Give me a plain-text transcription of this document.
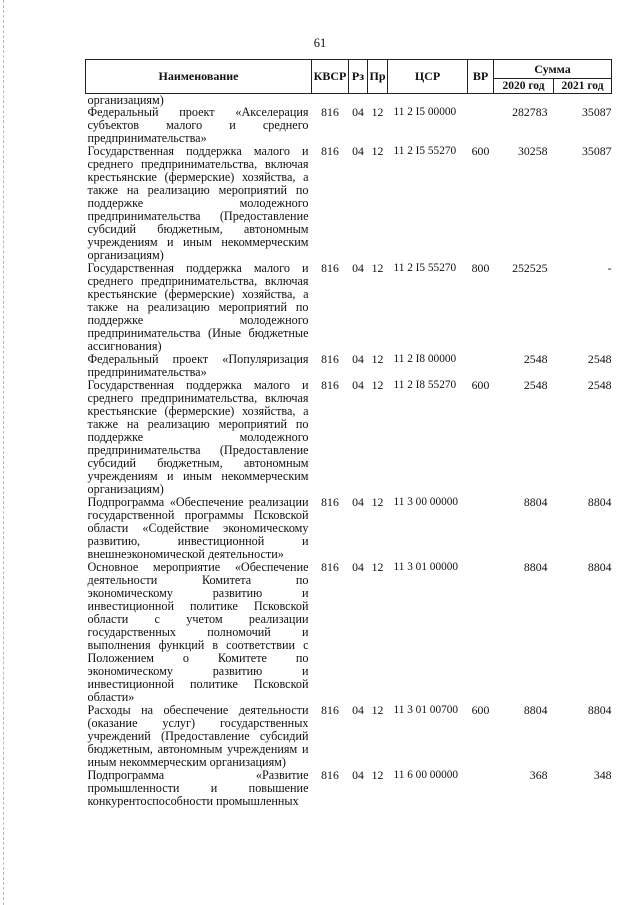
61
Наименование	КВСР	Рз	Пр	ЦСР	ВР	Сумма	
						2020 год	2021 год
организациям)							
Федеральный проект «Акселерация субъектов малого и среднего предпринимательства»	816	04	12	11 2 I5 00000		282783	35087
Государственная поддержка малого и среднего предпринимательства, включая крестьянские (фермерские) хозяйства, а также на реализацию мероприятий по поддержке молодежного предпринимательства (Предоставление субсидий бюджетным, автономным учреждениям и иным некоммерческим организациям)	816	04	12	11 2 I5 55270	600	30258	35087
Государственная поддержка малого и среднего предпринимательства, включая крестьянские (фермерские) хозяйства, а также на реализацию мероприятий по поддержке молодежного предпринимательства (Иные бюджетные ассигнования)	816	04	12	11 2 I5 55270	800	252525	-
Федеральный проект «Популяризация предпринимательства»	816	04	12	11 2 I8 00000		2548	2548
Государственная поддержка малого и среднего предпринимательства, включая крестьянские (фермерские) хозяйства, а также на реализацию мероприятий по поддержке молодежного предпринимательства (Предоставление субсидий бюджетным, автономным учреждениям и иным некоммерческим организациям)	816	04	12	11 2 I8 55270	600	2548	2548
Подпрограмма «Обеспечение реализации государственной программы Псковской области «Содействие экономическому развитию, инвестиционной и внешнеэкономической деятельности»	816	04	12	11 3 00 00000		8804	8804
Основное мероприятие «Обеспечение деятельности Комитета по экономическому развитию и инвестиционной политике Псковской области с учетом реализации государственных полномочий и выполнения функций в соответствии с Положением о Комитете по экономическому развитию и инвестиционной политике Псковской области»	816	04	12	11 3 01 00000		8804	8804
Расходы на обеспечение деятельности (оказание услуг) государственных учреждений (Предоставление субсидий бюджетным, автономным учреждениям и иным некоммерческим организациям)	816	04	12	11 3 01 00700	600	8804	8804
Подпрограмма «Развитие промышленности и повышение конкурентоспособности промышленных	816	04	12	11 6 00 00000		368	348
